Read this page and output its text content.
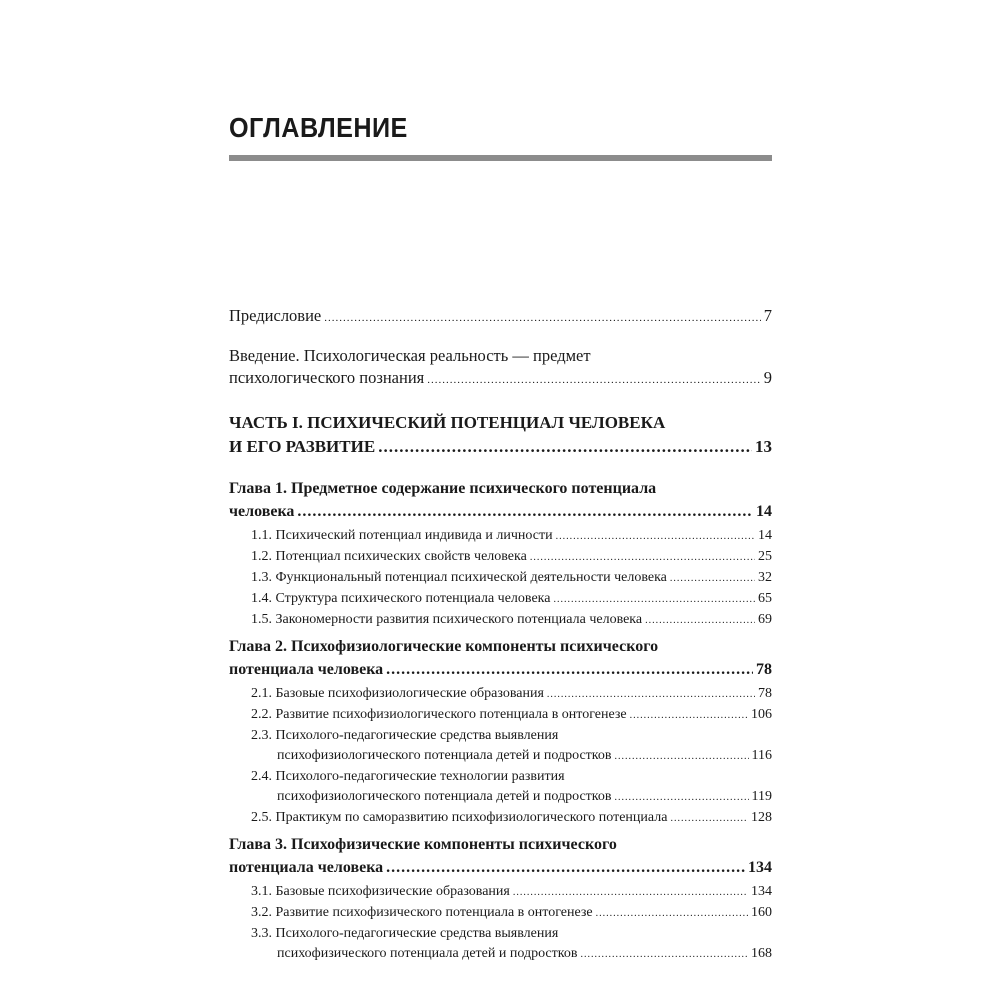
ОГЛАВЛЕНИЕ
Предисловие .....	7
Введение. Психологическая реальность — предмет
психологического познания .....	9
ЧАСТЬ I. ПСИХИЧЕСКИЙ ПОТЕНЦИАЛ ЧЕЛОВЕКА
И ЕГО РАЗВИТИЕ .....	13
Глава 1. Предметное содержание психического потенциала
человека .....	14
1.1. Психический потенциал индивида и личности .....	14
1.2. Потенциал психических свойств человека .....	25
1.3. Функциональный потенциал психической деятельности человека .....	32
1.4. Структура психического потенциала человека .....	65
1.5. Закономерности развития психического потенциала человека .....	69
Глава 2. Психофизиологические компоненты психического
потенциала человека .....	78
2.1. Базовые психофизиологические образования .....	78
2.2. Развитие психофизиологического потенциала в онтогенезе .....	106
2.3. Психолого-педагогические средства выявления
психофизиологического потенциала детей и подростков .....	116
2.4. Психолого-педагогические технологии развития
психофизиологического потенциала детей и подростков .....	119
2.5. Практикум по саморазвитию психофизиологического потенциала .....	128
Глава 3. Психофизические компоненты психического
потенциала человека .....	134
3.1. Базовые психофизические образования .....	134
3.2. Развитие психофизического потенциала в онтогенезе .....	160
3.3. Психолого-педагогические средства выявления
психофизического потенциала детей и подростков .....	168
